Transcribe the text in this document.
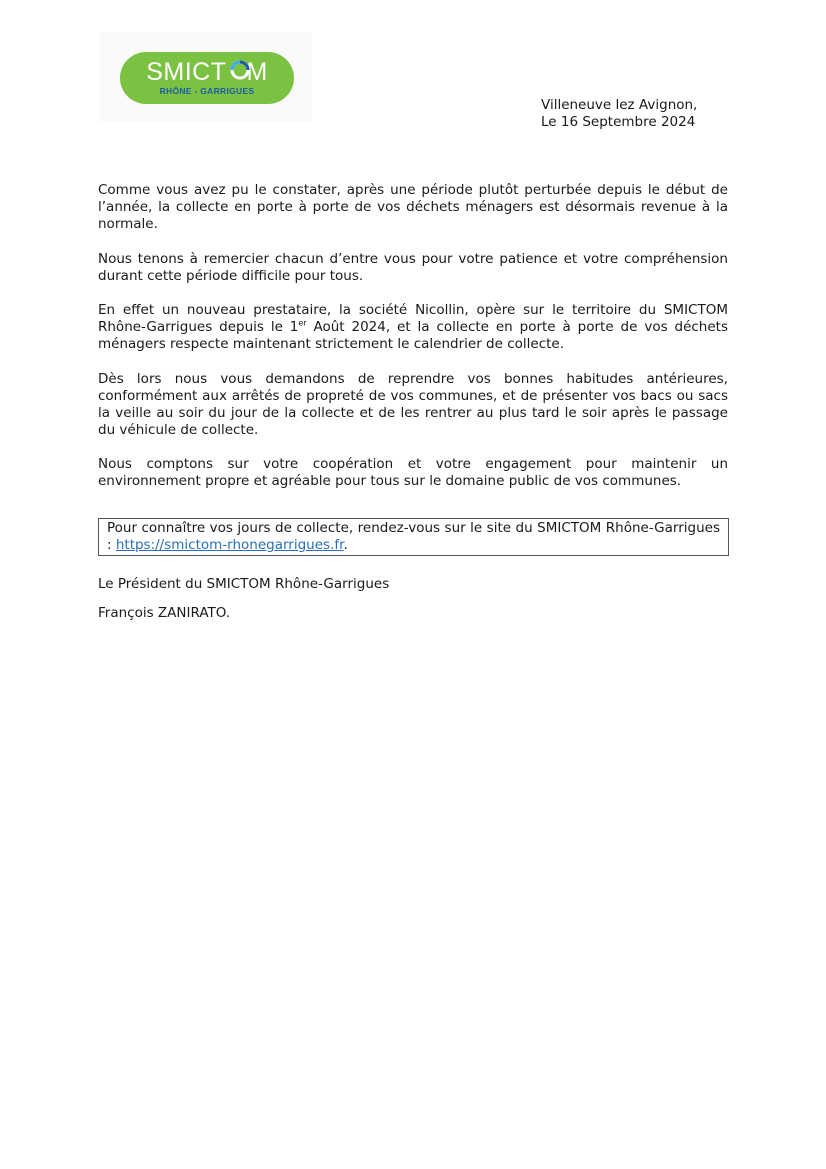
SMICT M
RHÔNE - GARRIGUES
Villeneuve lez Avignon,
Le 16 Septembre 2024

Comme vous avez pu le constater, après une période plutôt perturbée depuis le début de l’année, la collecte en porte à porte de vos déchets ménagers est désormais revenue à la normale.

Nous tenons à remercier chacun d’entre vous pour votre patience et votre compréhension durant cette période difficile pour tous.

En effet un nouveau prestataire, la société Nicollin, opère sur le territoire du SMICTOM Rhône-Garrigues depuis le 1er Août 2024, et la collecte en porte à porte de vos déchets ménagers respecte maintenant strictement le calendrier de collecte.

Dès lors nous vous demandons de reprendre vos bonnes habitudes antérieures, conformément aux arrêtés de propreté de vos communes, et de présenter vos bacs ou sacs la veille au soir du jour de la collecte et de les rentrer au plus tard le soir après le passage du véhicule de collecte.

Nous comptons sur votre coopération et votre engagement pour maintenir un environnement propre et agréable pour tous sur le domaine public de vos communes.

Pour connaître vos jours de collecte, rendez-vous sur le site du SMICTOM Rhône-Garrigues : https://smictom-rhonegarrigues.fr.
Le Président du SMICTOM Rhône-Garrigues
François ZANIRATO.
